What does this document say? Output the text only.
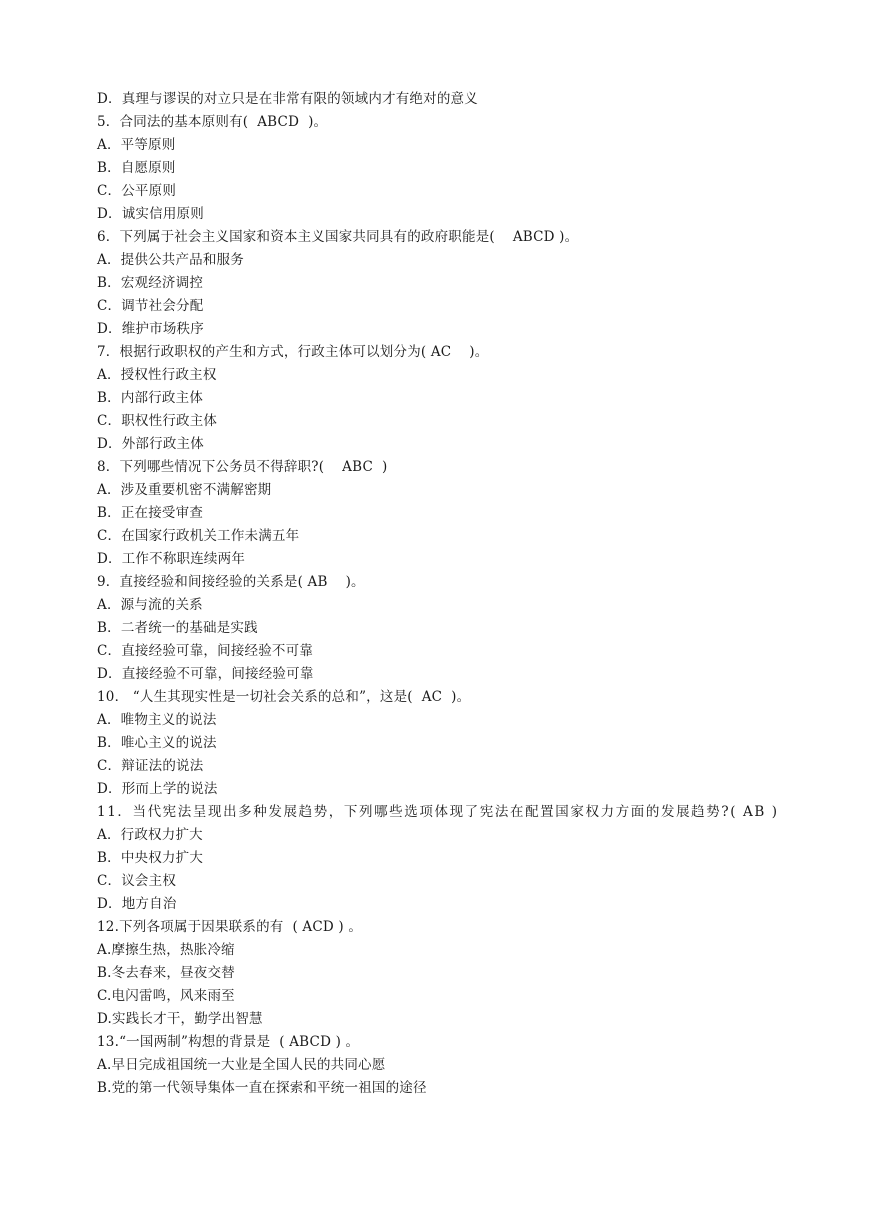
D．真理与谬误的对立只是在非常有限的领域内才有绝对的意义
5．合同法的基本原则有(  ABCD  )。
A．平等原则
B．自愿原则
C．公平原则
D．诚实信用原则
6．下列属于社会主义国家和资本主义国家共同具有的政府职能是(    ABCD )。
A．提供公共产品和服务
B．宏观经济调控
C．调节社会分配
D．维护市场秩序
7．根据行政职权的产生和方式，行政主体可以划分为( AC    )。
A．授权性行政主权
B．内部行政主体
C．职权性行政主体
D．外部行政主体
8．下列哪些情况下公务员不得辞职?(    ABC  )
A．涉及重要机密不满解密期
B．正在接受审查
C．在国家行政机关工作未满五年
D．工作不称职连续两年
9．直接经验和间接经验的关系是( AB    )。
A．源与流的关系
B．二者统一的基础是实践
C．直接经验可靠，间接经验不可靠
D．直接经验不可靠，间接经验可靠
10． “人生其现实性是一切社会关系的总和”，这是(  AC  )。
A．唯物主义的说法
B．唯心主义的说法
C．辩证法的说法
D．形而上学的说法
11．当代宪法呈现出多种发展趋势，下列哪些选项体现了宪法在配置国家权力方面的发展趋势?( AB )
A．行政权力扩大
B．中央权力扩大
C．议会主权
D．地方自治
12.下列各项属于因果联系的有  ( ACD ) 。
A.摩擦生热，热胀冷缩
B.冬去春来，昼夜交替
C.电闪雷鸣，风来雨至
D.实践长才干，勤学出智慧
13.“一国两制”构想的背景是  ( ABCD ) 。
A.早日完成祖国统一大业是全国人民的共同心愿
B.党的第一代领导集体一直在探索和平统一祖国的途径
